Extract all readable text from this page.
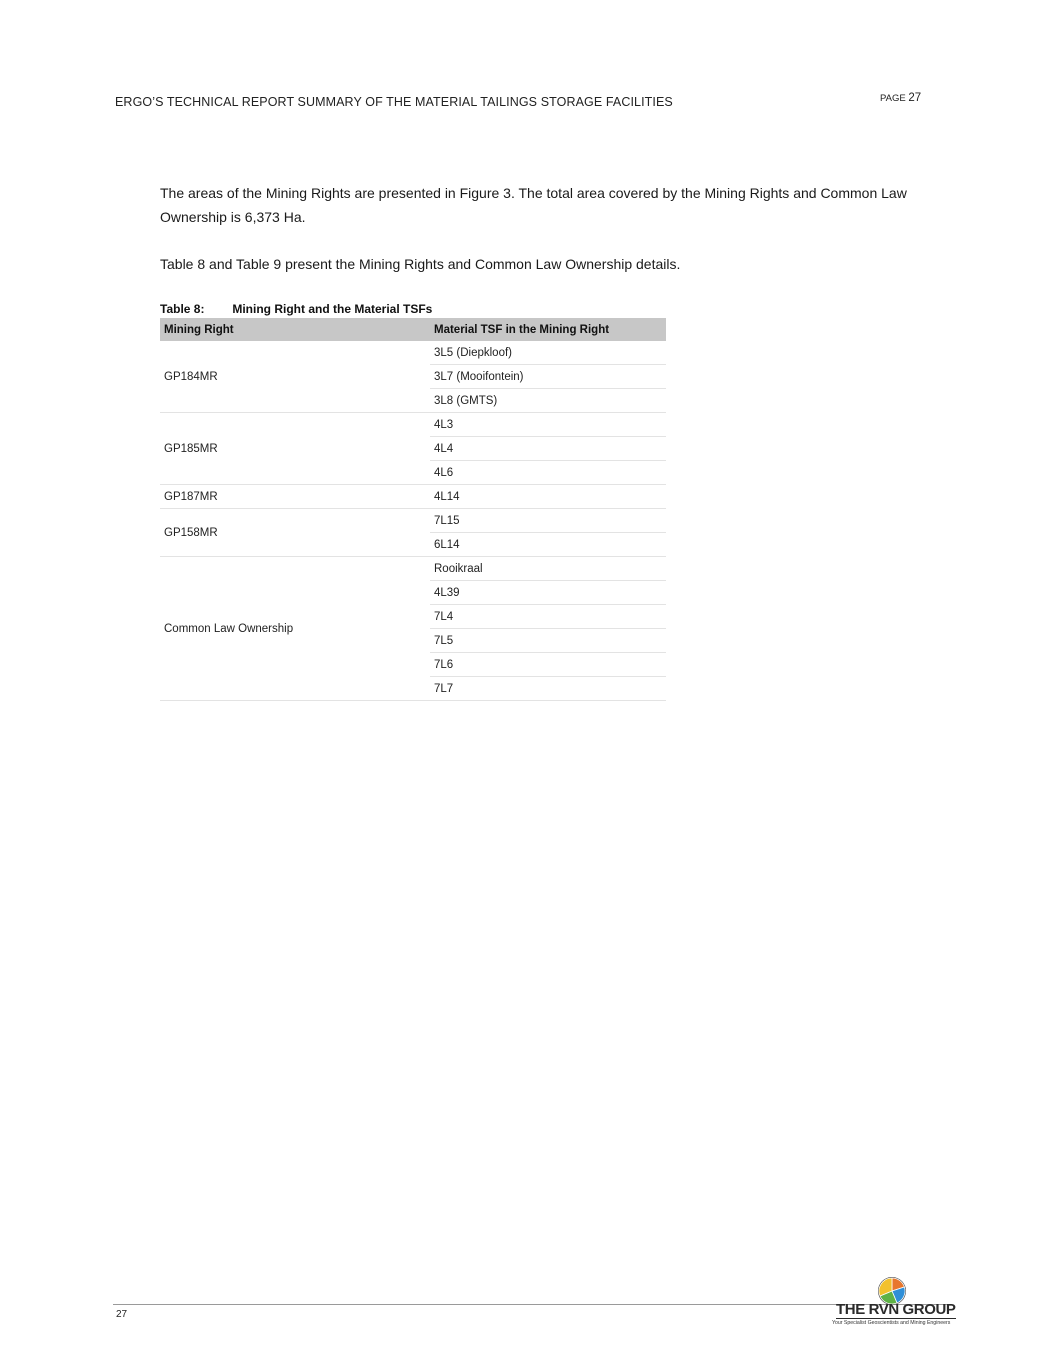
ERGO’S TECHNICAL REPORT SUMMARY OF THE MATERIAL TAILINGS STORAGE FACILITIES	PAGE 27
The areas of the Mining Rights are presented in Figure 3. The total area covered by the Mining Rights and Common Law Ownership is 6,373 Ha.
Table 8 and Table 9 present the Mining Rights and Common Law Ownership details.
Table 8: Mining Right and the Material TSFs
Mining Right	Material TSF in the Mining Right
GP184MR	3L5 (Diepkloof)
	3L7 (Mooifontein)
	3L8 (GMTS)
GP185MR	4L3
	4L4
	4L6
GP187MR	4L14
GP158MR	7L15
	6L14
Common Law Ownership	Rooikraal
	4L39
	7L4
	7L5
	7L6
	7L7
27	THE RVN GROUP
Your Specialist Geoscientists and Mining Engineers
